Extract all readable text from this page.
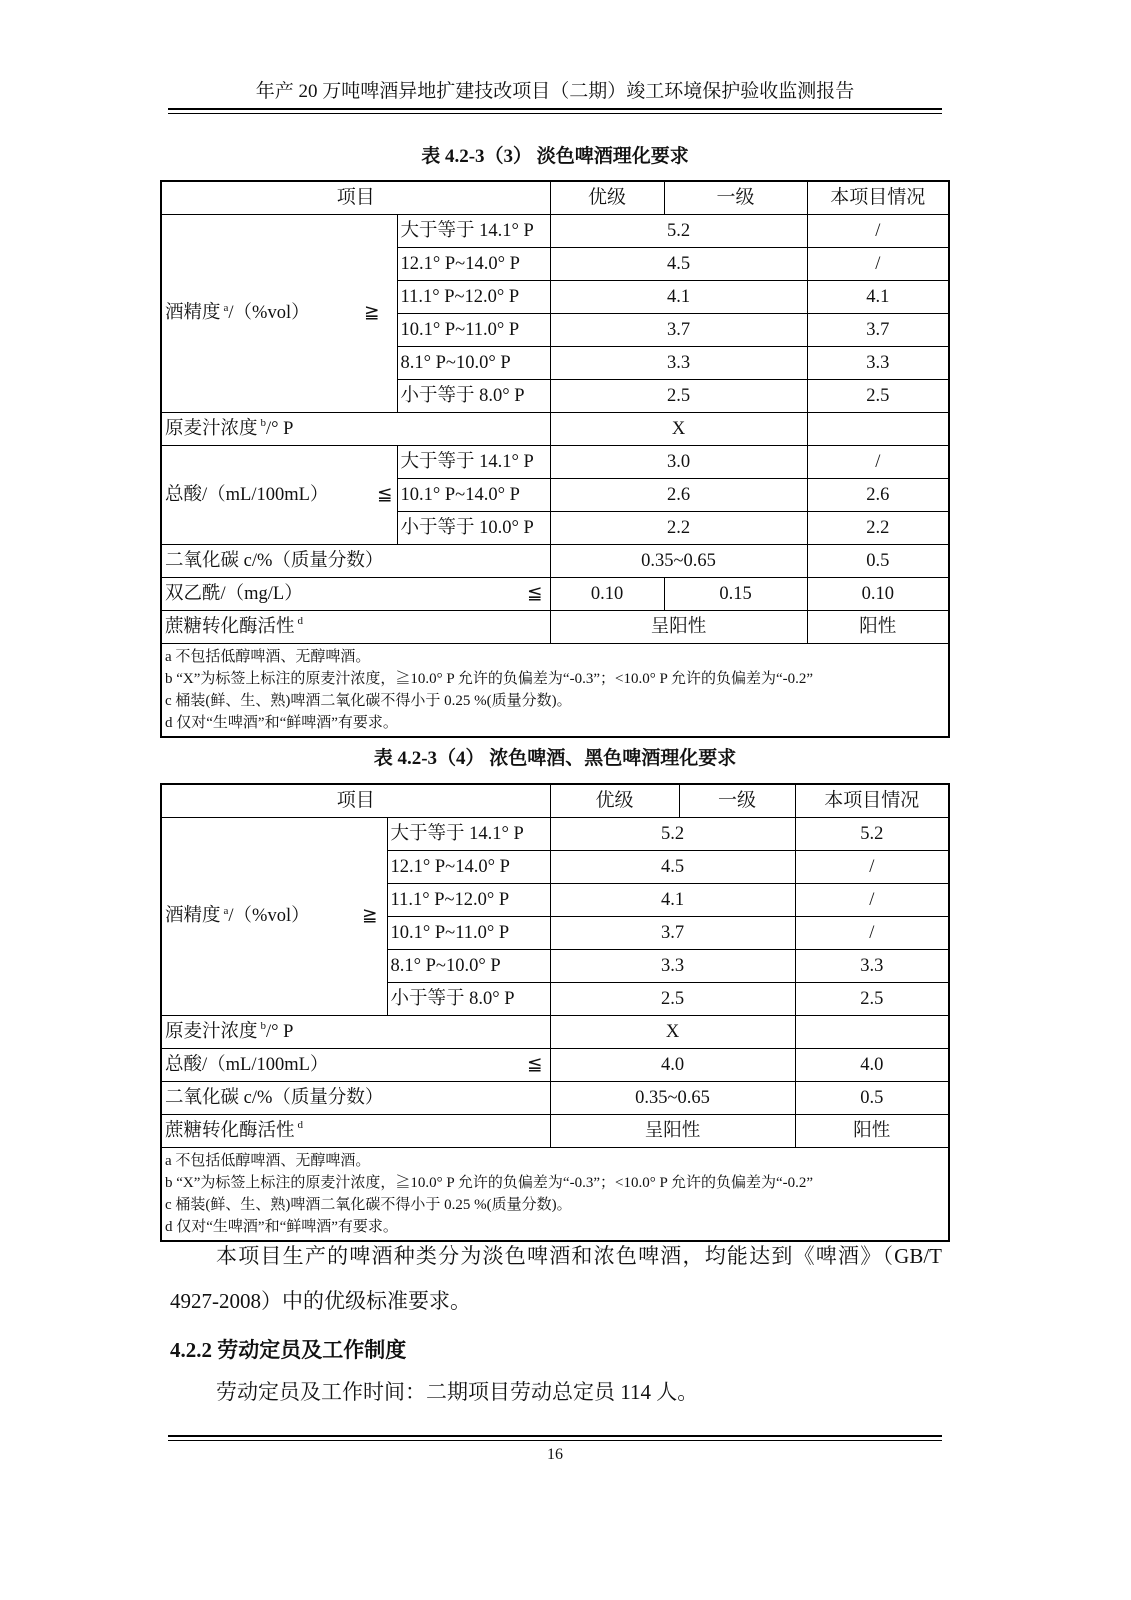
年产 20 万吨啤酒异地扩建技改项目（二期）竣工环境保护验收监测报告
表 4.2-3（3） 淡色啤酒理化要求
项目		优级	一级	本项目情况

酒精度 $^a$/（%vol） ≧	大于等于 14.1° P	5.2		/
	12.1° P~14.0° P	4.5		/
	11.1° P~12.0° P	4.1		4.1
	10.1° P~11.0° P	3.7		3.7
	8.1° P~10.0° P	3.3		3.3
	小于等于 8.0° P	2.5		2.5
原麦汁浓度 $^b$/° P		X		

总酸/（mL/100mL） ≦	大于等于 14.1° P	3.0		/
	10.1° P~14.0° P	2.6		2.6
	小于等于 10.0° P	2.2		2.2
二氧化碳 c/%（质量分数）		0.35~0.65		0.5

双乙酰/（mg/L） ≦		0.10	0.15	0.10
蔗糖转化酶活性 $^d$		呈阳性		阳性

a 不包括低醇啤酒、无醇啤酒。
b “X”为标签上标注的原麦汁浓度，≧10.0° P 允许的负偏差为“-0.3”；<10.0° P 允许的负偏差为“-0.2”
c 桶装(鲜、生、熟)啤酒二氧化碳不得小于 0.25 %(质量分数)。
d 仅对“生啤酒”和“鲜啤酒”有要求。				
表 4.2-3（4） 浓色啤酒、黑色啤酒理化要求
项目		优级	一级	本项目情况

酒精度 $^a$/（%vol） ≧	大于等于 14.1° P	5.2		5.2
	12.1° P~14.0° P	4.5		/
	11.1° P~12.0° P	4.1		/
	10.1° P~11.0° P	3.7		/
	8.1° P~10.0° P	3.3		3.3
	小于等于 8.0° P	2.5		2.5
原麦汁浓度 $^b$/° P		X		

总酸/（mL/100mL） ≦		4.0		4.0
二氧化碳 c/%（质量分数）		0.35~0.65		0.5
蔗糖转化酶活性 $^d$		呈阳性		阳性

a 不包括低醇啤酒、无醇啤酒。
b “X”为标签上标注的原麦汁浓度，≧10.0° P 允许的负偏差为“-0.3”；<10.0° P 允许的负偏差为“-0.2”
c 桶装(鲜、生、熟)啤酒二氧化碳不得小于 0.25 %(质量分数)。
d 仅对“生啤酒”和“鲜啤酒”有要求。				
本项目生产的啤酒种类分为淡色啤酒和浓色啤酒，均能达到《啤酒》（GB/T
4927-2008）中的优级标准要求。
4.2.2 劳动定员及工作制度
劳动定员及工作时间：二期项目劳动总定员 114 人。
16
